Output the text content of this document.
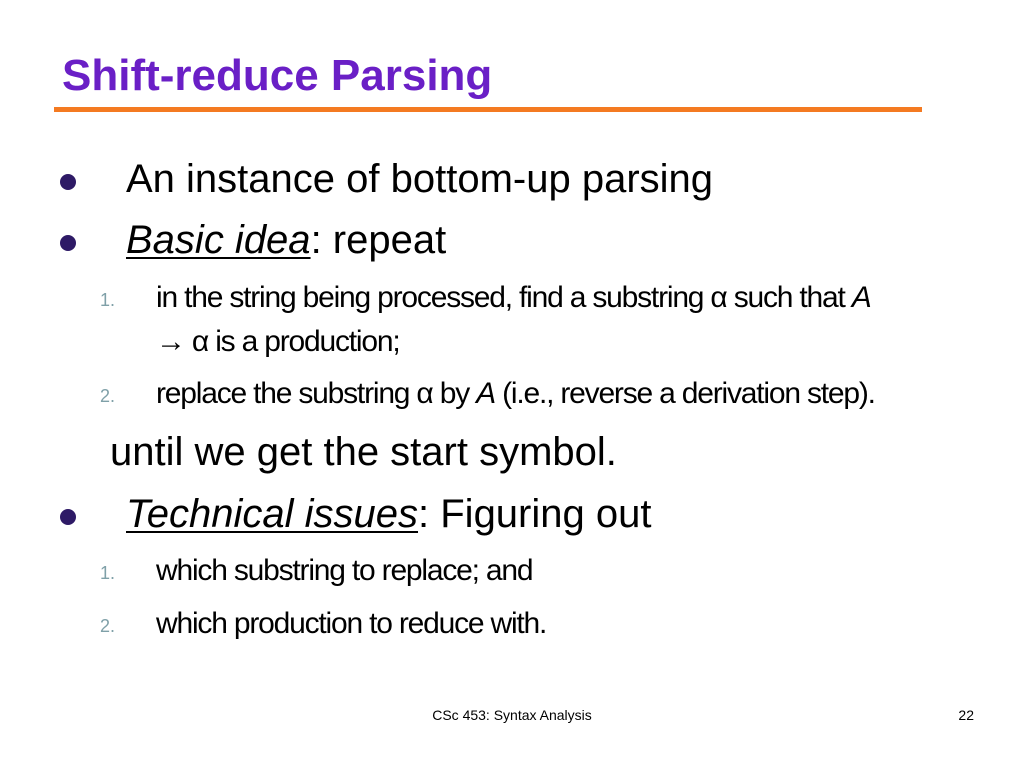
Shift-reduce Parsing
An instance of bottom-up parsing
Basic idea: repeat
1. in the string being processed, find a substring α such that A
→ α is a production;
2. replace the substring α by A (i.e., reverse a derivation step).
until we get the start symbol.
Technical issues: Figuring out
1. which substring to replace; and
2. which production to reduce with.
CSc 453: Syntax Analysis	22
